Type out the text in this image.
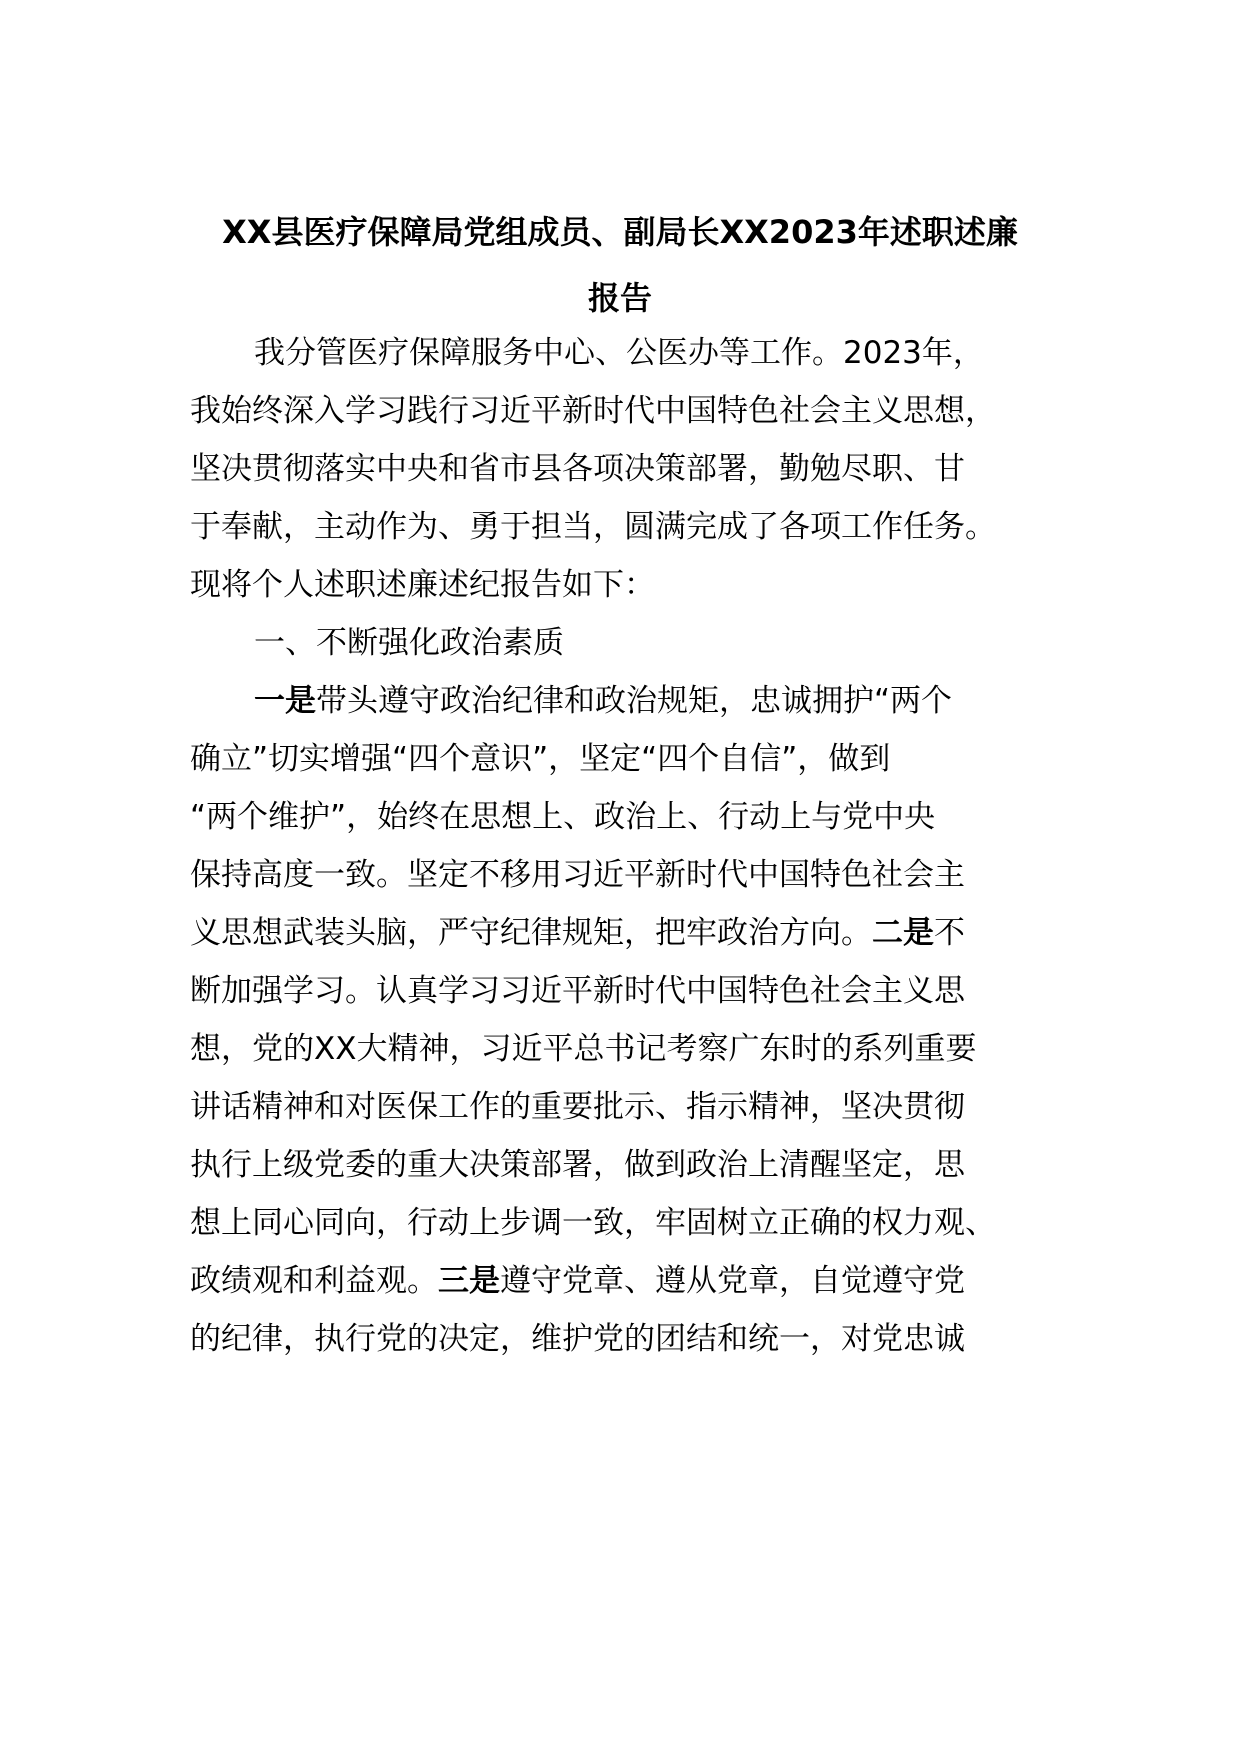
XX县医疗保障局党组成员、副局长XX2023年述职述廉
报告
我分管医疗保障服务中心、公医办等工作。2023年，
我始终深入学习践行习近平新时代中国特色社会主义思想，
坚决贯彻落实中央和省市县各项决策部署，勤勉尽职、甘
于奉献，主动作为、勇于担当，圆满完成了各项工作任务。
现将个人述职述廉述纪报告如下：
一、不断强化政治素质
一是带头遵守政治纪律和政治规矩，忠诚拥护“两个
确立”切实增强“四个意识”，坚定“四个自信”，做到
“两个维护”，始终在思想上、政治上、行动上与党中央
保持高度一致。坚定不移用习近平新时代中国特色社会主
义思想武装头脑，严守纪律规矩，把牢政治方向。二是不
断加强学习。认真学习习近平新时代中国特色社会主义思
想，党的XX大精神，习近平总书记考察广东时的系列重要
讲话精神和对医保工作的重要批示、指示精神，坚决贯彻
执行上级党委的重大决策部署，做到政治上清醒坚定，思
想上同心同向，行动上步调一致，牢固树立正确的权力观、
政绩观和利益观。三是遵守党章、遵从党章，自觉遵守党
的纪律，执行党的决定，维护党的团结和统一，对党忠诚
